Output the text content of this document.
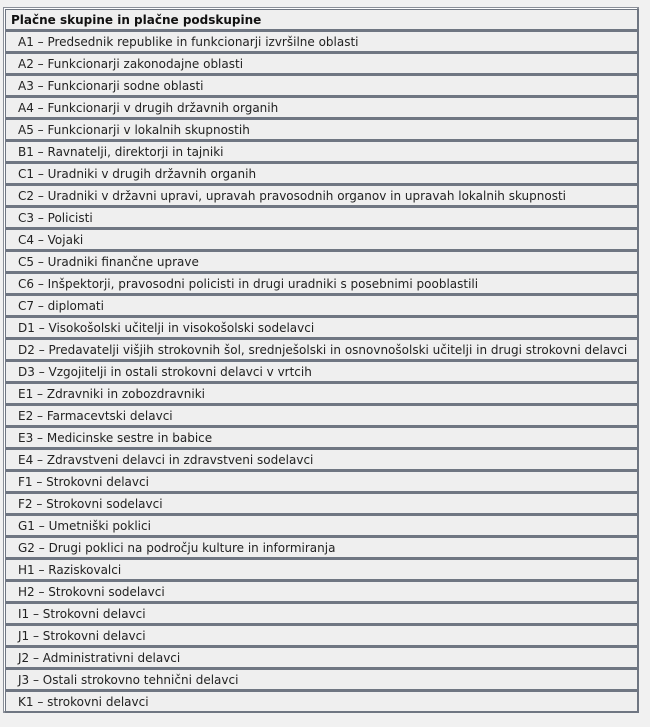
Plačne skupine in plačne podskupine
A1 – Predsednik republike in funkcionarji izvršilne oblasti
A2 – Funkcionarji zakonodajne oblasti
A3 – Funkcionarji sodne oblasti
A4 – Funkcionarji v drugih državnih organih
A5 – Funkcionarji v lokalnih skupnostih
B1 – Ravnatelji, direktorji in tajniki
C1 – Uradniki v drugih državnih organih
C2 – Uradniki v državni upravi, upravah pravosodnih organov in upravah lokalnih skupnosti
C3 – Policisti
C4 – Vojaki
C5 – Uradniki finančne uprave
C6 – Inšpektorji, pravosodni policisti in drugi uradniki s posebnimi pooblastili
C7 – diplomati
D1 – Visokošolski učitelji in visokošolski sodelavci
D2 – Predavatelji višjih strokovnih šol, srednješolski in osnovnošolski učitelji in drugi strokovni delavci
D3 – Vzgojitelji in ostali strokovni delavci v vrtcih
E1 – Zdravniki in zobozdravniki
E2 – Farmacevtski delavci
E3 – Medicinske sestre in babice
E4 – Zdravstveni delavci in zdravstveni sodelavci
F1 – Strokovni delavci
F2 – Strokovni sodelavci
G1 – Umetniški poklici
G2 – Drugi poklici na področju kulture in informiranja
H1 – Raziskovalci
H2 – Strokovni sodelavci
I1 – Strokovni delavci
J1 – Strokovni delavci
J2 – Administrativni delavci
J3 – Ostali strokovno tehnični delavci
K1 – strokovni delavci
